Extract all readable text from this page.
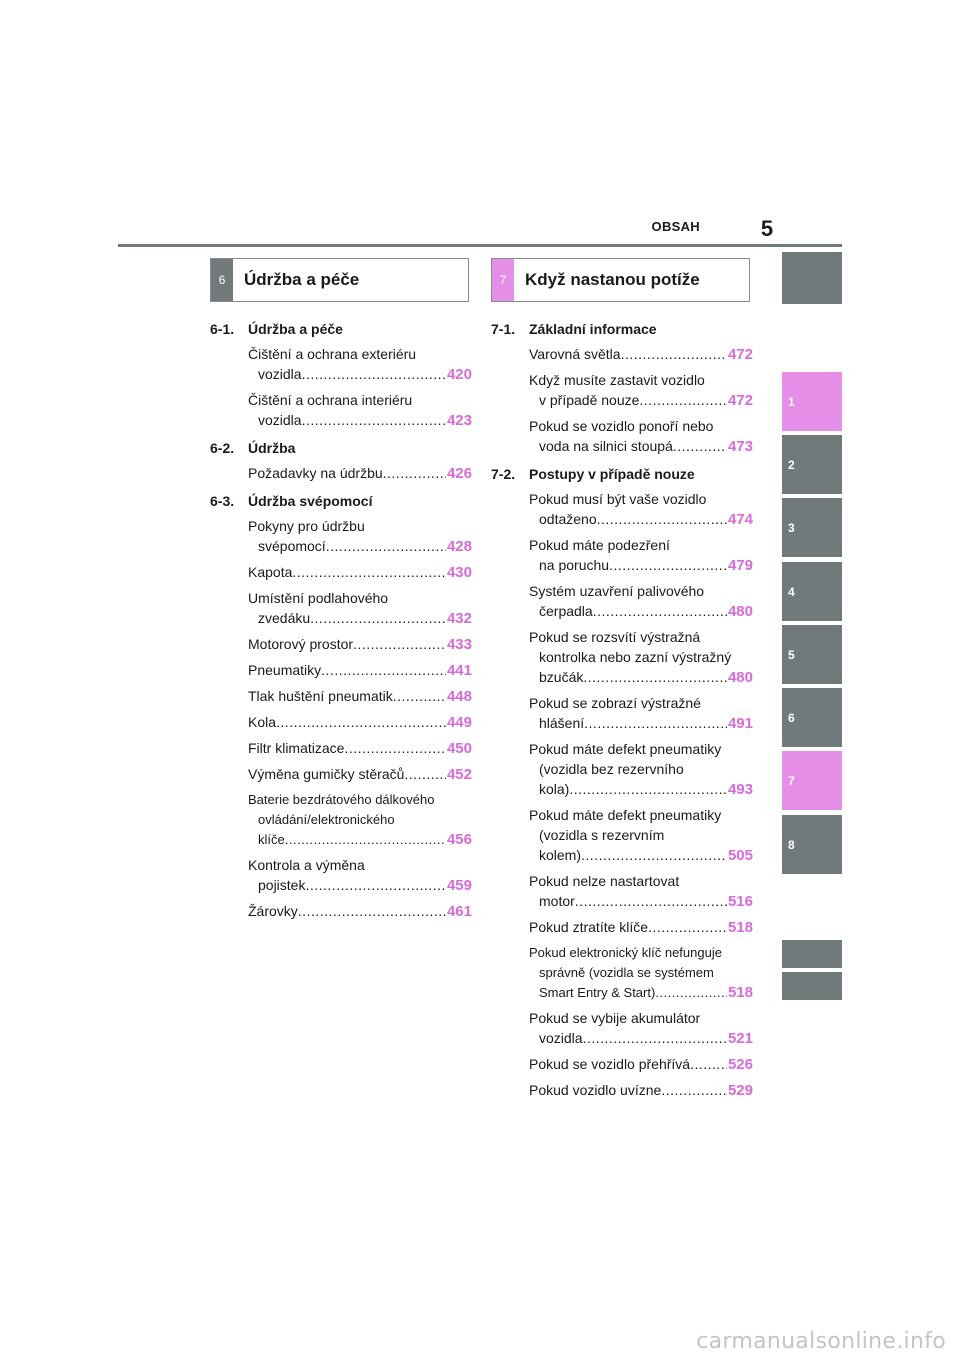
OBSAH	5
1
2
3
4
5
6
7
8
6	Údržba a péče	7	Když nastanou potíže
6-1. Údržba a péče
Čištění a ochrana exteriéru
vozidla .....	420
Čištění a ochrana interiéru
vozidla .....	423
6-2. Údržba
Požadavky na údržbu .....	426
6-3. Údržba svépomocí
Pokyny pro údržbu
svépomocí .....	428
Kapota .....	430
Umístění podlahového
zvedáku .....	432
Motorový prostor .....	433
Pneumatiky .....	441
Tlak huštění pneumatik .....	448
Kola .....	449
Filtr klimatizace .....	450
Výměna gumičky stěračů .....	452
Baterie bezdrátového dálkového
ovládání/elektronického
klíče .....	456
Kontrola a výměna
pojistek .....	459
Žárovky .....	461
7-1. Základní informace
Varovná světla .....	472
Když musíte zastavit vozidlo
v případě nouze .....	472
Pokud se vozidlo ponoří nebo
voda na silnici stoupá .....	473
7-2. Postupy v případě nouze
Pokud musí být vaše vozidlo
odtaženo .....	474
Pokud máte podezření
na poruchu .....	479
Systém uzavření palivového
čerpadla .....	480
Pokud se rozsvítí výstražná
kontrolka nebo zazní výstražný
bzučák .....	480
Pokud se zobrazí výstražné
hlášení .....	491
Pokud máte defekt pneumatiky
(vozidla bez rezervního
kola) .....	493
Pokud máte defekt pneumatiky
(vozidla s rezervním
kolem) .....	505
Pokud nelze nastartovat
motor .....	516
Pokud ztratíte klíče .....	518
Pokud elektronický klíč nefunguje
správně (vozidla se systémem
Smart Entry & Start) .....	518
Pokud se vybije akumulátor
vozidla .....	521
Pokud se vozidlo přehřívá .....	526
Pokud vozidlo uvízne .....	529
carmanualsonline.info
